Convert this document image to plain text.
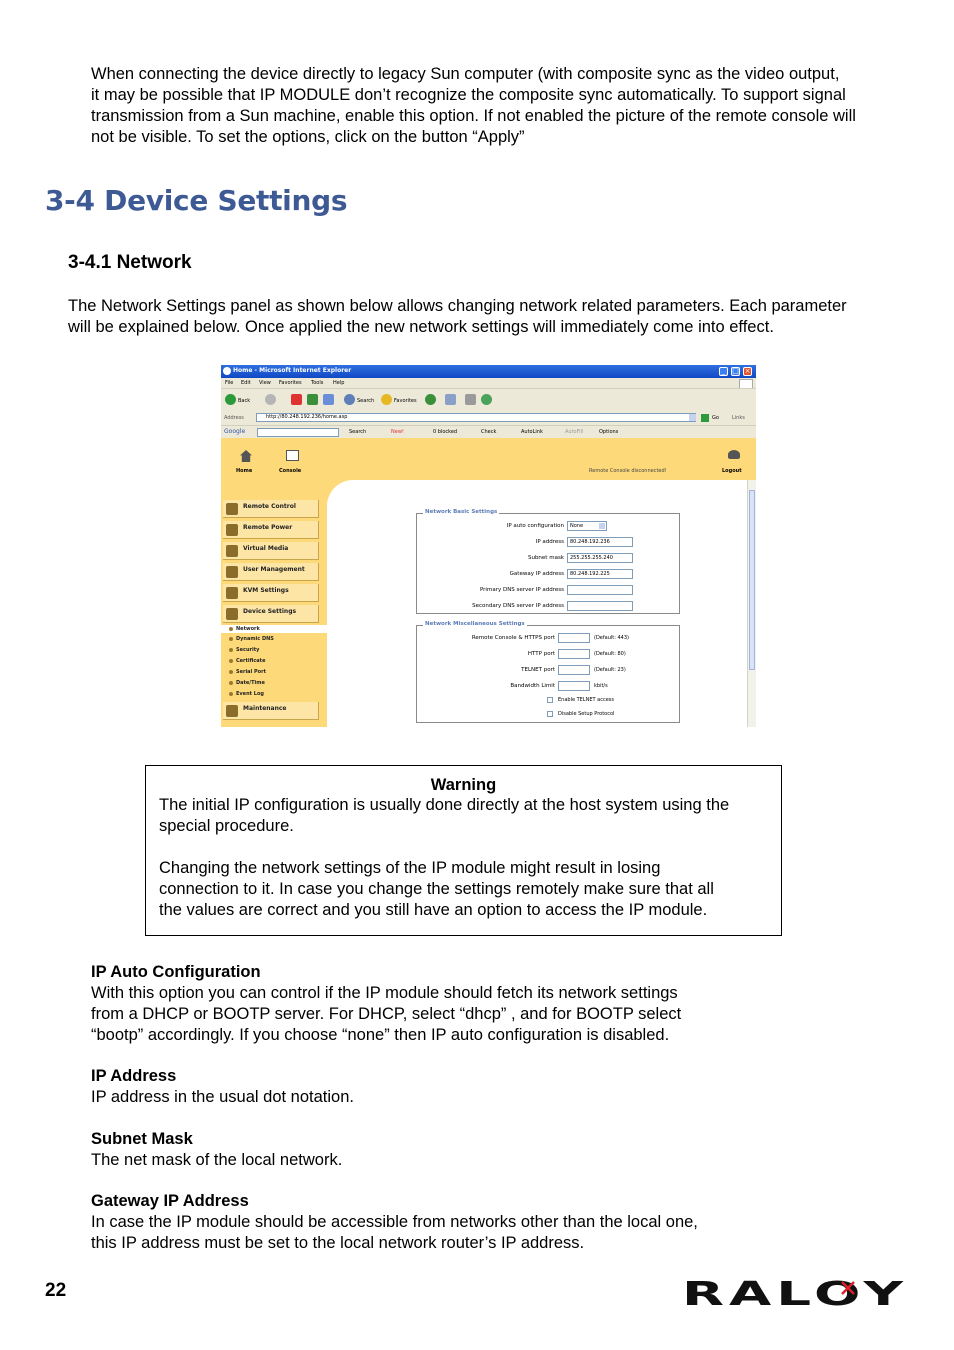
When connecting the device directly to legacy Sun computer (with composite sync as the video output,

it may be possible that IP MODULE don’t recognize the composite sync automatically. To support signal

transmission from a Sun machine, enable this option. If not enabled the picture of the remote console will

not be visible. To set the options, click on the button “Apply”

3-4 Device Settings
3-4.1 Network

The Network Settings panel as shown below allows changing network related parameters. Each parameter

will be explained below. Once applied the new network settings will immediately come into effect.

Home - Microsoft Internet Explorer	_ □ ×
File Edit View Favorites Tools Help
Back	Search	Favorites
Address	http://80.248.192.236/home.asp	Go	Links
Google	Search	New!	0 blocked	Check	AutoLink	AutoFill	Options
Home	Console	Remote Console disconnected!	Logout
Remote Control
Remote Power
Virtual Media
User Management
KVM Settings
Device Settings
Network
Dynamic DNS
Security
Certificate
Serial Port
Date/Time
Event Log
Maintenance
Network Basic Settings
IP auto configuration	None
IP address	80.248.192.236
Subnet mask	255.255.255.240
Gateway IP address	80.248.192.225
Primary DNS server IP address
Secondary DNS server IP address
Network Miscellaneous Settings
Remote Console & HTTPS port	(Default: 443)
HTTP port	(Default: 80)
TELNET port	(Default: 23)
Bandwidth Limit	kbit/s
Enable TELNET access
Disable Setup Protocol
Warning

The initial IP configuration is usually done directly at the host system using the

special procedure.

Changing the network settings of the IP module might result in losing

connection to it. In case you change the settings remotely make sure that all

the values are correct and you still have an option to access the IP module.

IP Auto Configuration

With this option you can control if the IP module should fetch its network settings

from a DHCP or BOOTP server. For DHCP, select “dhcp” , and for BOOTP select

“bootp” accordingly. If you choose “none” then IP auto configuration is disabled.

IP Address

IP address in the usual dot notation.

Subnet Mask

The net mask of the local network.

Gateway IP Address

In case the IP module should be accessible from networks other than the local one,

this IP address must be set to the local network router’s IP address.

22	RALOY
